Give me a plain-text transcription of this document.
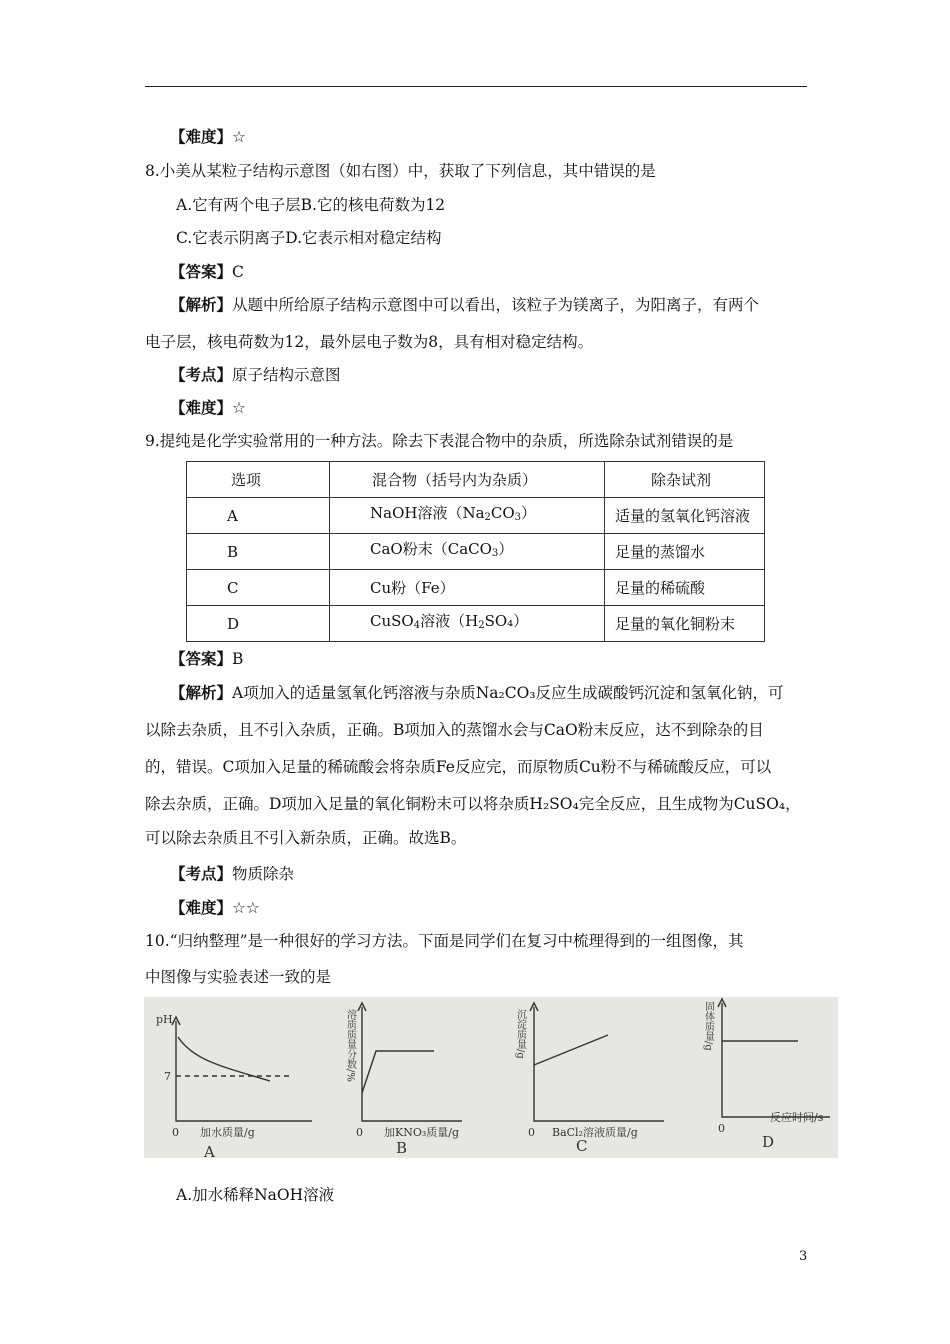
【难度】☆
8.小美从某粒子结构示意图（如右图）中，获取了下列信息，其中错误的是
A.它有两个电子层B.它的核电荷数为12
C.它表示阴离子D.它表示相对稳定结构
【答案】C
【解析】从题中所给原子结构示意图中可以看出，该粒子为镁离子，为阳离子，有两个
电子层，核电荷数为12，最外层电子数为8，具有相对稳定结构。
【考点】原子结构示意图
【难度】☆
9.提纯是化学实验常用的一种方法。除去下表混合物中的杂质，所选除杂试剂错误的是
选项	混合物（括号内为杂质）	除杂试剂
A	NaOH溶液$(Na_2CO_3)$	适量的氢氧化钙溶液
B	CaO粉末（CaCO$_3$）	足量的蒸馏水
C	Cu粉（Fe）	足量的稀硫酸
D	CuSO$_4$溶液$(H_2SO_4)$	足量的氧化铜粉末
【答案】B
【解析】A项加入的适量氢氧化钙溶液与杂质Na₂CO₃反应生成碳酸钙沉淀和氢氧化钠，可
以除去杂质，且不引入杂质，正确。B项加入的蒸馏水会与CaO粉末反应，达不到除杂的目
的，错误。C项加入足量的稀硫酸会将杂质Fe反应完，而原物质Cu粉不与稀硫酸反应，可以
除去杂质，正确。D项加入足量的氧化铜粉末可以将杂质H₂SO₄完全反应，且生成物为CuSO₄，
可以除去杂质且不引入新杂质，正确。故选B。
【考点】物质除杂
【难度】☆☆
10.“归纳整理”是一种很好的学习方法。下面是同学们在复习中梳理得到的一组图像，其
中图像与实验表述一致的是
pH
7
0 加水质量/g
A
溶质质量分数/%
0 加KNO₃质量/g
B
沉淀质量/g
0 BaCl₂溶液质量/g
C
固体质量/g
0
反应时间/s
D
A.加水稀释NaOH溶液
3
